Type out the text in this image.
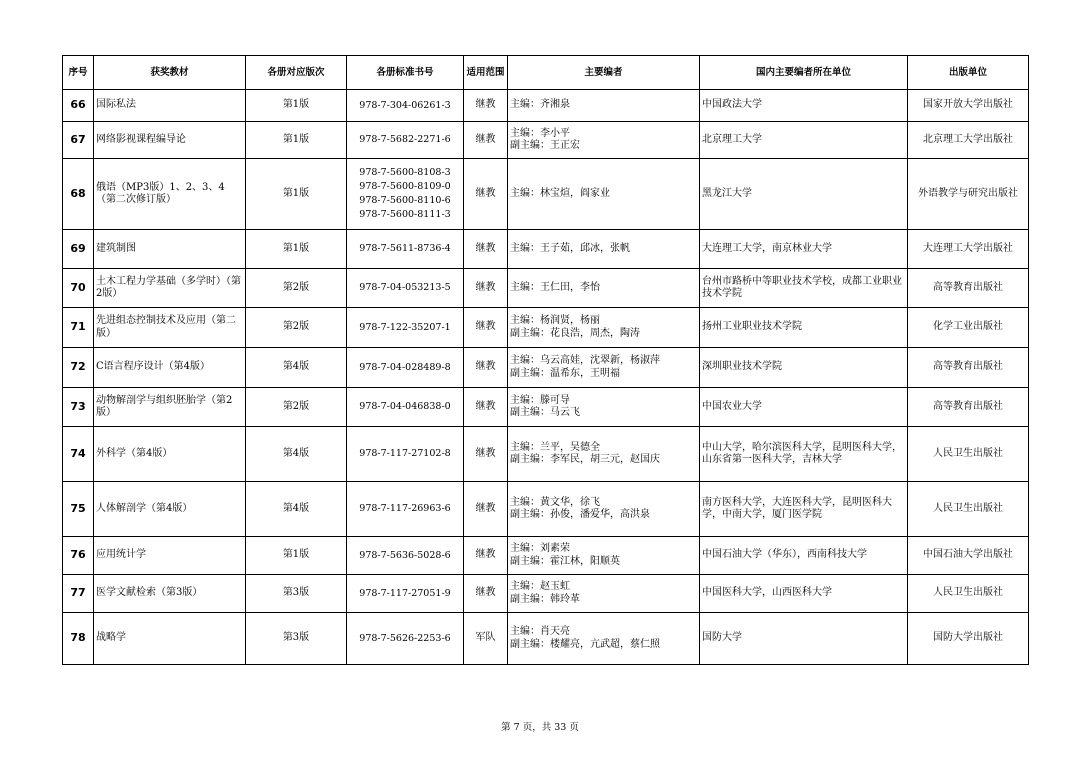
序号	获奖教材	各册对应版次	各册标准书号	适用范围	主要编者	国内主要编者所在单位	出版单位
66	国际私法	第1版	978-7-304-06261-3	继教	主编：齐湘泉	中国政法大学	国家开放大学出版社
67	网络影视课程编导论	第1版	978-7-5682-2271-6	继教	主编：李小平
副主编：王正宏	北京理工大学	北京理工大学出版社
68	俄语（MP3版）1、2、3、4（第二次修订版）	第1版	978-7-5600-8108-3
978-7-5600-8109-0
978-7-5600-8110-6
978-7-5600-8111-3	继教	主编：林宝煊，阎家业	黑龙江大学	外语教学与研究出版社
69	建筑制图	第1版	978-7-5611-8736-4	继教	主编：王子茹，邱冰，张帆	大连理工大学，南京林业大学	大连理工大学出版社
70	土木工程力学基础（多学时）（第2版）	第2版	978-7-04-053213-5	继教	主编：王仁田，李怡	台州市路桥中等职业技术学校，成都工业职业技术学院	高等教育出版社
71	先进组态控制技术及应用（第二版）	第2版	978-7-122-35207-1	继教	主编：杨润贤，杨丽
副主编：花良浩，周杰，陶涛	扬州工业职业技术学院	化学工业出版社
72	C语言程序设计（第4版）	第4版	978-7-04-028489-8	继教	主编：乌云高娃，沈翠新，杨淑萍
副主编：温希东，王明福	深圳职业技术学院	高等教育出版社
73	动物解剖学与组织胚胎学（第2版）	第2版	978-7-04-046838-0	继教	主编：滕可导
副主编：马云飞	中国农业大学	高等教育出版社
74	外科学（第4版）	第4版	978-7-117-27102-8	继教	主编：兰平，吴德全
副主编：李军民，胡三元，赵国庆	中山大学，哈尔滨医科大学，昆明医科大学，山东省第一医科大学，吉林大学	人民卫生出版社
75	人体解剖学（第4版）	第4版	978-7-117-26963-6	继教	主编：黄文华，徐飞
副主编：孙俊，潘爱华，高洪泉	南方医科大学，大连医科大学，昆明医科大学，中南大学，厦门医学院	人民卫生出版社
76	应用统计学	第1版	978-7-5636-5028-6	继教	主编：刘素荣
副主编：霍江林，阳顺英	中国石油大学（华东），西南科技大学	中国石油大学出版社
77	医学文献检索（第3版）	第3版	978-7-117-27051-9	继教	主编：赵玉虹
副主编：韩玲革	中国医科大学，山西医科大学	人民卫生出版社
78	战略学	第3版	978-7-5626-2253-6	军队	主编：肖天亮
副主编：楼耀亮，亢武超，蔡仁照	国防大学	国防大学出版社
第 7 页，共 33 页
